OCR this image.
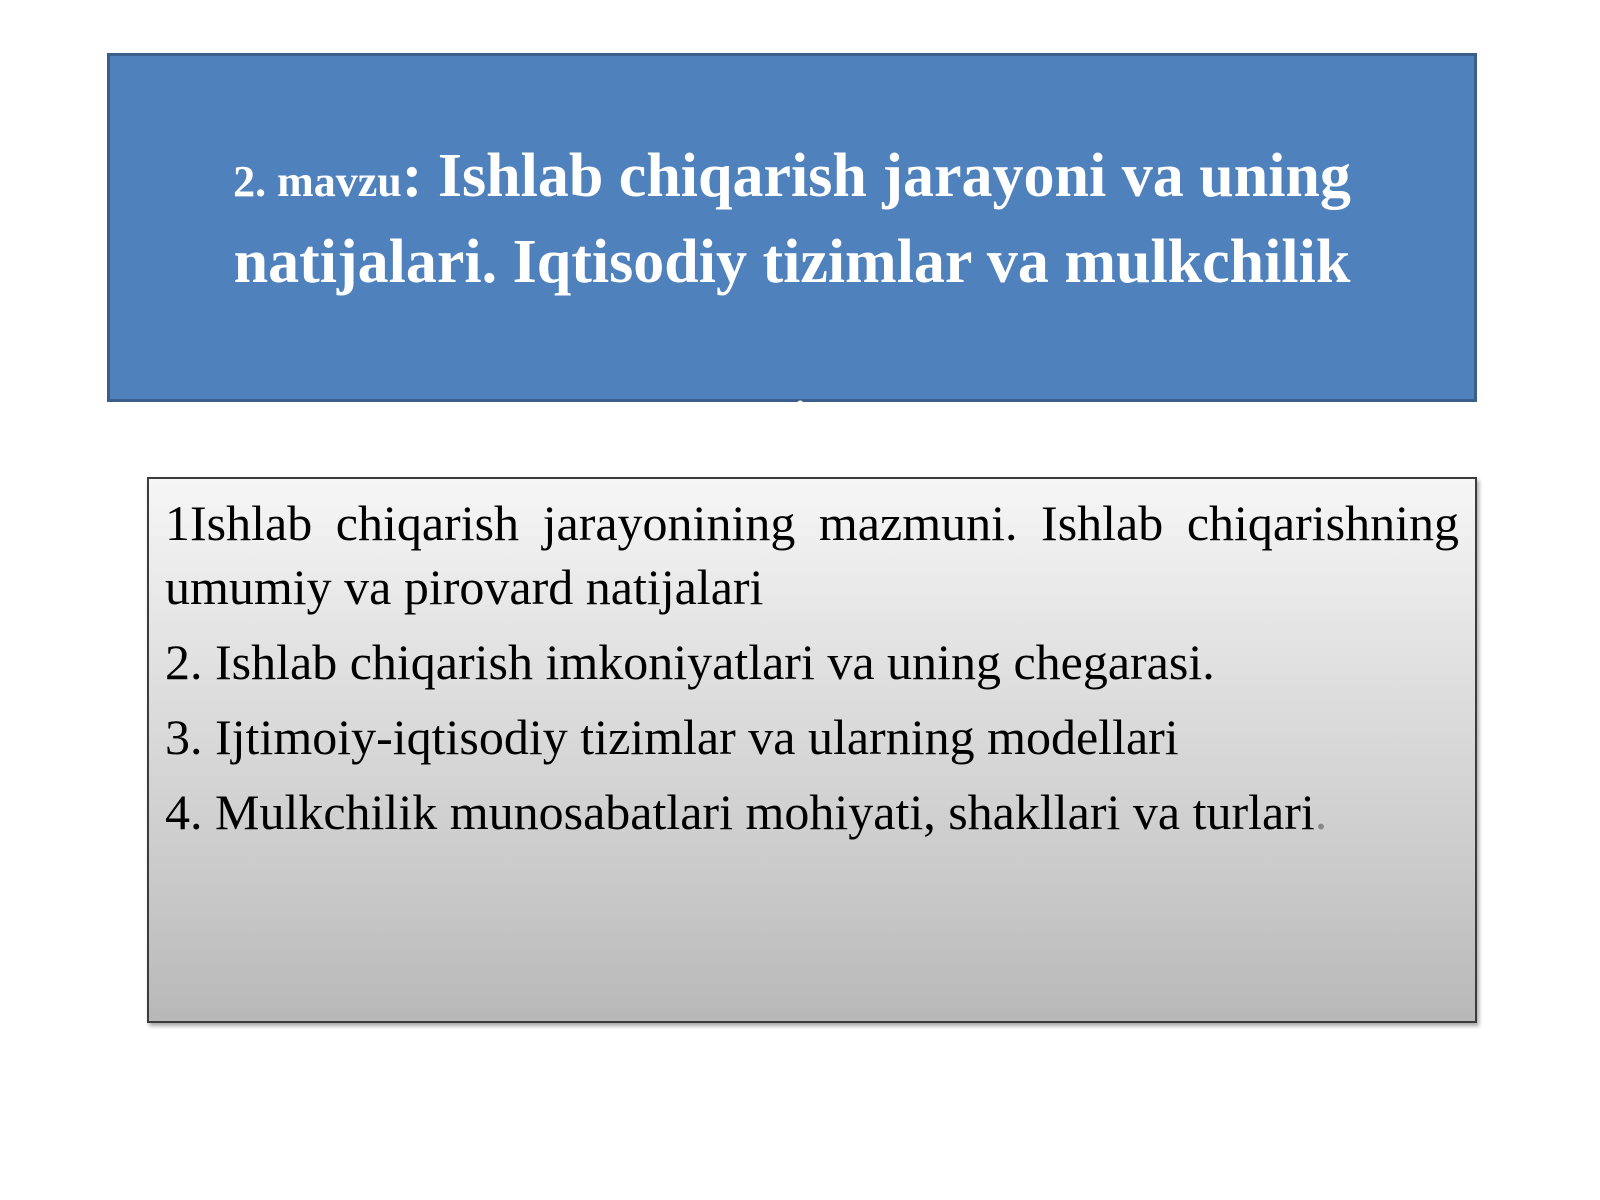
2. mavzu: Ishlab chiqarish jarayoni va uning natijalari. Iqtisodiy tizimlar va mulkchilik
Reja:

1Ishlab chiqarish jarayonining mazmuni. Ishlab chiqarishning umumiy va pirovard natijalari

2. Ishlab chiqarish imkoniyatlari va uning chegarasi.

3. Ijtimoiy-iqtisodiy tizimlar va ularning modellari

4. Mulkchilik munosabatlari mohiyati, shakllari va turlari.
